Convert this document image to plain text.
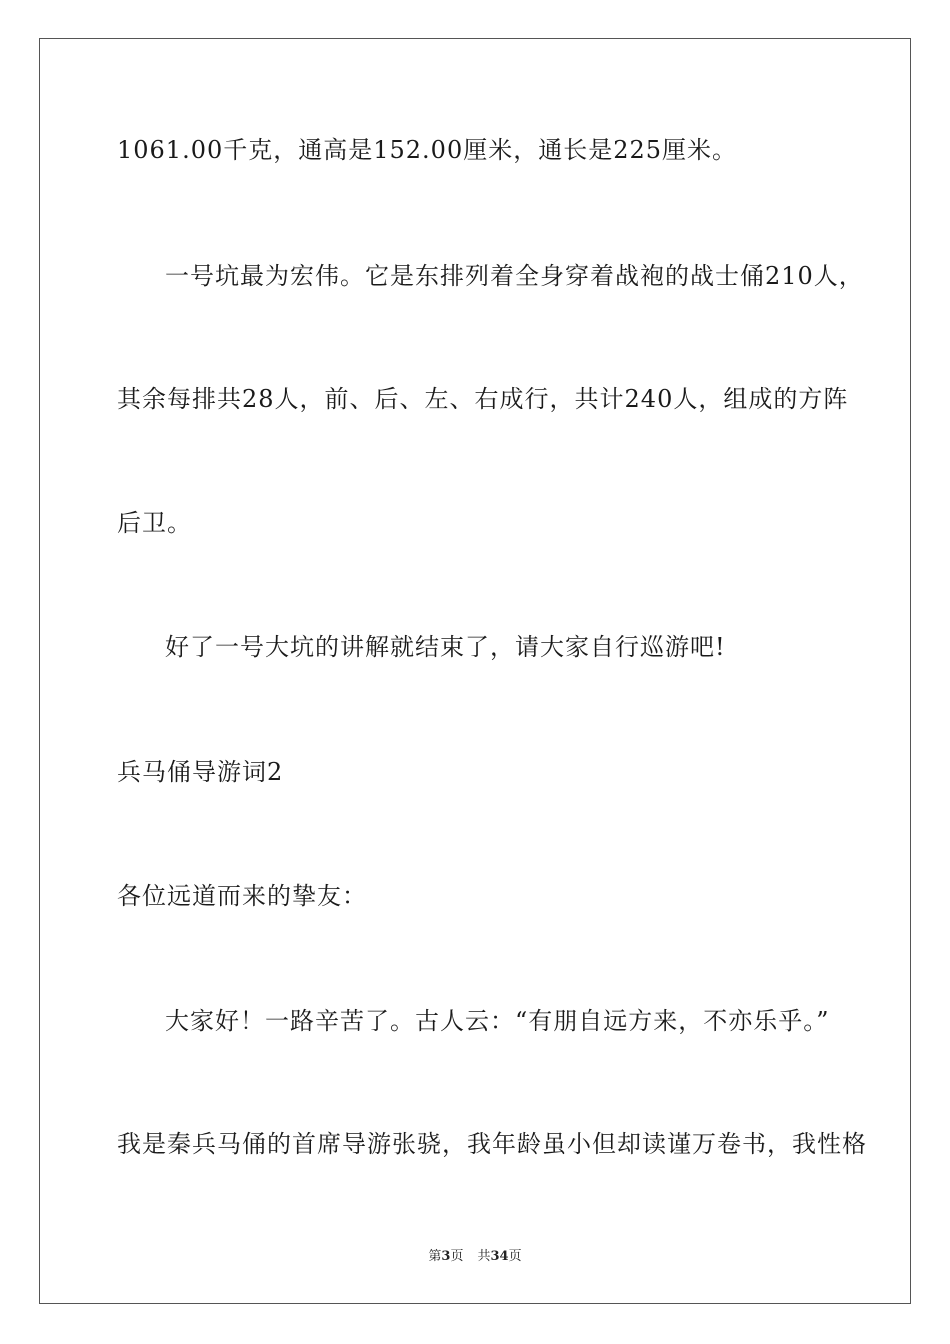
1061.00千克，通高是152.00厘米，通长是225厘米。
一号坑最为宏伟。它是东排列着全身穿着战袍的战士俑210人，
其余每排共28人，前、后、左、右成行，共计240人，组成的方阵
后卫。
好了一号大坑的讲解就结束了，请大家自行巡游吧!
兵马俑导游词2
各位远道而来的挚友：
大家好！一路辛苦了。古人云：“有朋自远方来，不亦乐乎。”
我是秦兵马俑的首席导游张骁，我年龄虽小但却读谨万卷书，我性格
第3页 共34页
